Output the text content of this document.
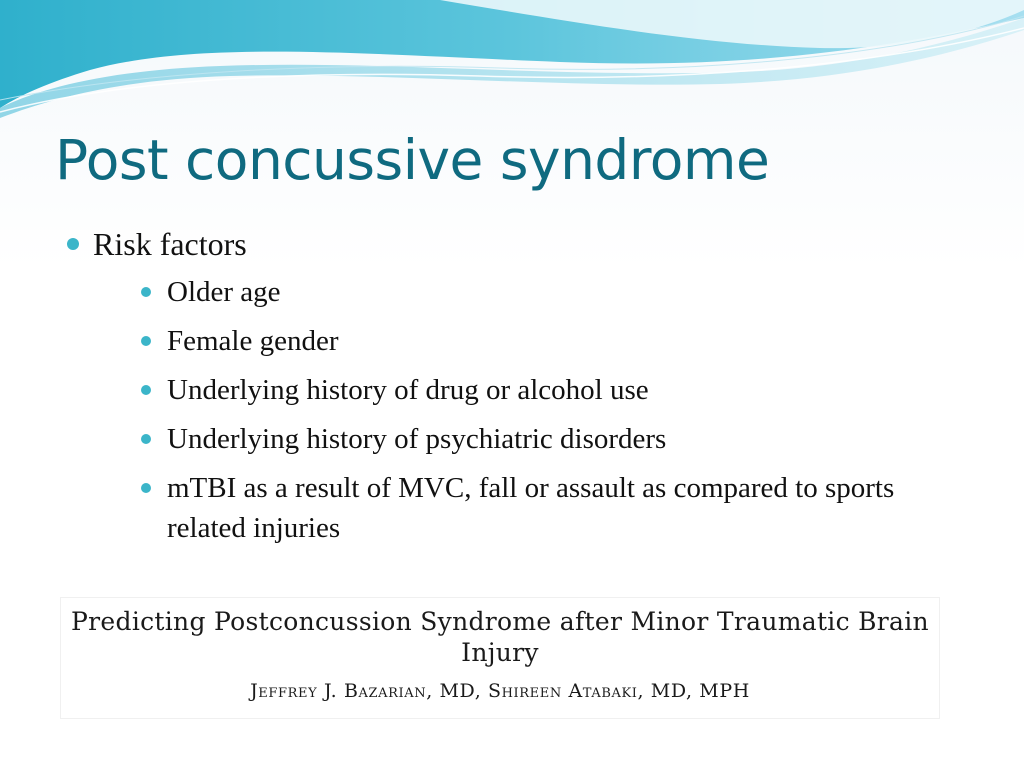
Post concussive syndrome
Risk factors
Older age
Female gender
Underlying history of drug or alcohol use
Underlying history of psychiatric disorders
mTBI as a result of MVC, fall or assault as compared to sports related injuries

Predicting Postconcussion Syndrome after Minor Traumatic Brain Injury

Jeffrey J. Bazarian, MD, Shireen Atabaki, MD, MPH
